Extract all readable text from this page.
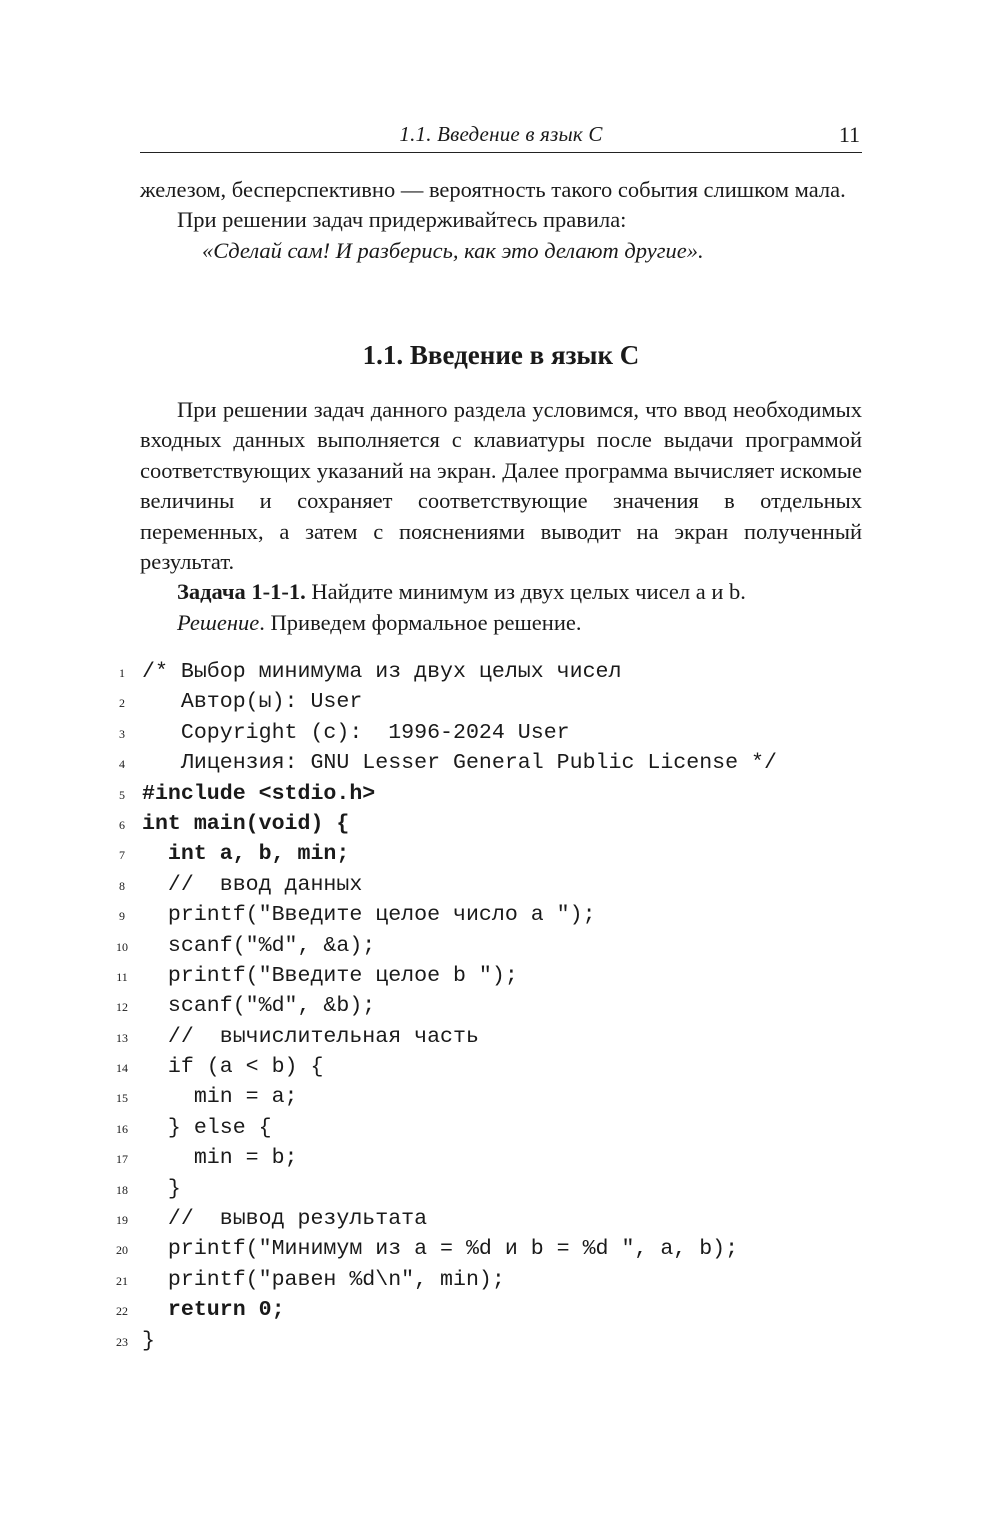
1.1. Введение в язык C	11

железом, бесперспективно — вероятность такого события слишком мала.

При решении задач придерживайтесь правила:

«Сделай сам! И разберись, как это делают другие».

1.1. Введение в язык C

При решении задач данного раздела условимся, что ввод необходимых входных данных выполняется с клавиатуры после выдачи программой соответствующих указаний на экран. Далее программа вычисляет искомые величины и сохраняет соответствующие значения в отдельных переменных, а затем с пояснениями выводит на экран полученный результат.

Задача 1-1-1. Найдите минимум из двух целых чисел a и b.

Решение. Приведем формальное решение.

1 /* Выбор минимума из двух целых чисел
2 Автор(ы): User
3 Copyright (c):  1996-2024 User
4 Лицензия: GNU Lesser General Public License */
5 #include <stdio.h>
6 int main(void) {
7 int a, b, min;
8 //  ввод данных
9 printf("Введите целое число a ");
10 scanf("%d", &a);
11 printf("Введите целое b ");
12 scanf("%d", &b);
13 //  вычислительная часть
14 if (a < b) {
15 min = a;
16 } else {
17 min = b;
18 }
19 //  вывод результата
20 printf("Минимум из a = %d и b = %d ", a, b);
21 printf("равен %d\n", min);
22 return 0;
23 }
